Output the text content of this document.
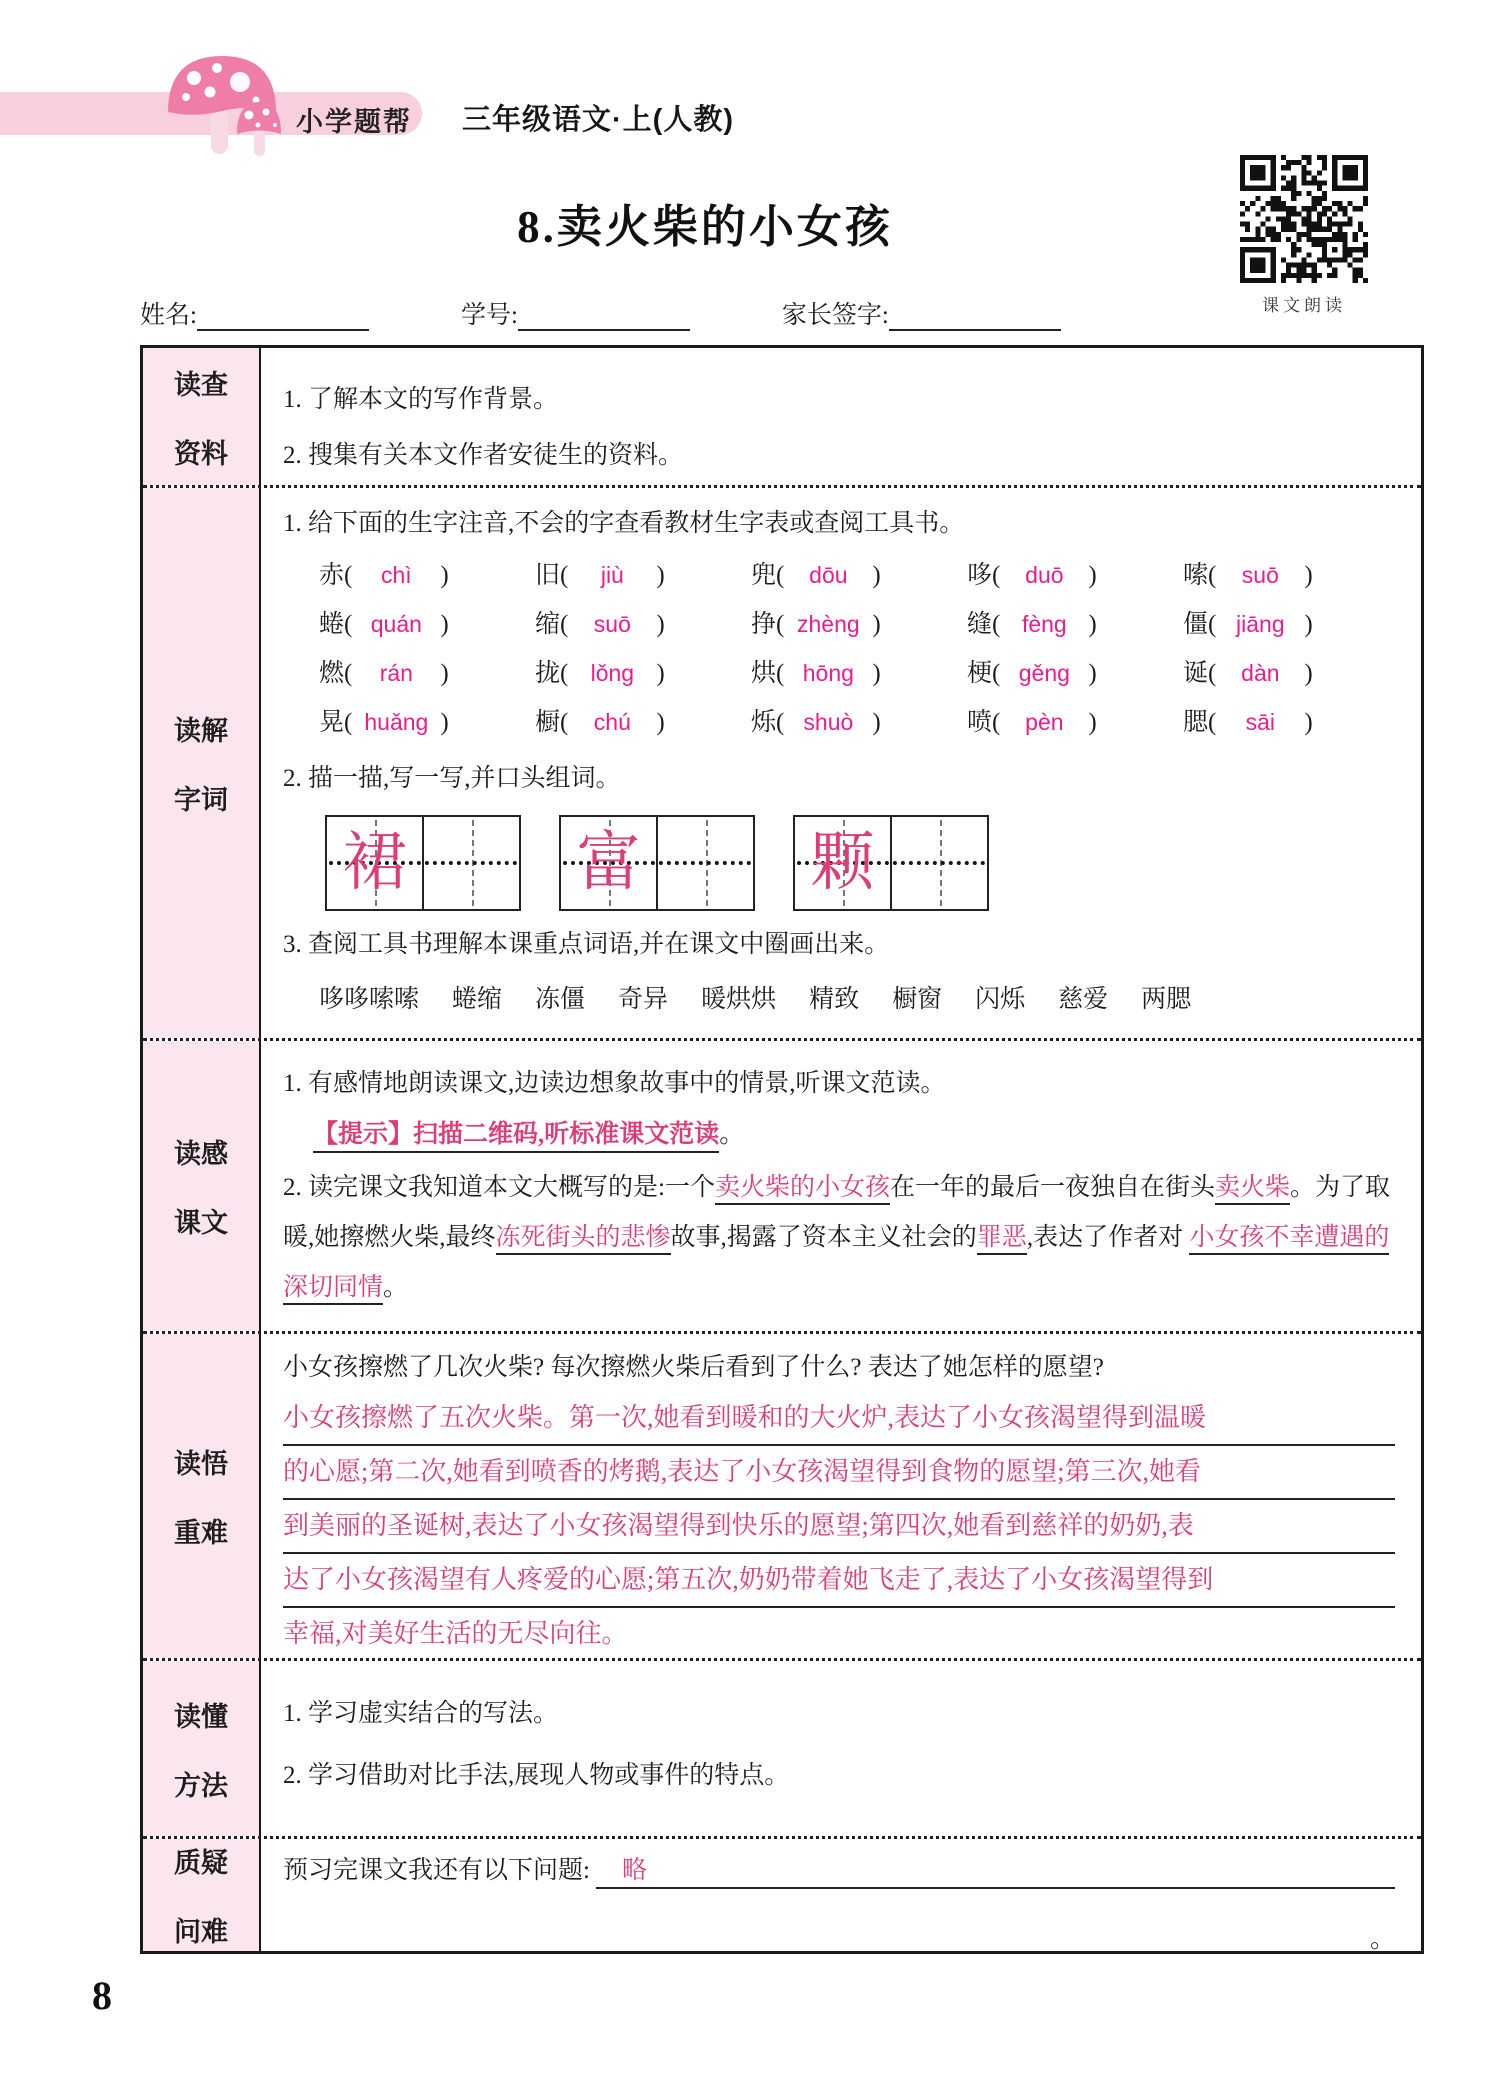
小学题帮 三年级语文·上(人教)
8.卖火柴的小女孩
课文朗读
姓名:	学号:	家长签字:
读查
资料
1. 了解本文的写作背景。
2. 搜集有关本文作者安徒生的资料。
读解
字词
1. 给下面的生字注音,不会的字查看教材生字表或查阅工具书。
赤( chì )	旧( jiù )	兜( dōu )	哆( duō )	嗦( suō )
蜷( quán )	缩( suō )	挣( zhèng )	缝( fèng )	僵( jiāng )
燃( rán )	拢( lǒng )	烘( hōng )	梗( gěng )	诞( dàn )
晃( huǎng )	橱( chú )	烁( shuò )	喷( pèn )	腮( sāi )
2. 描一描,写一写,并口头组词。
裙	富	颗
3. 查阅工具书理解本课重点词语,并在课文中圈画出来。
哆哆嗦嗦 蜷缩 冻僵 奇异 暖烘烘 精致 橱窗 闪烁 慈爱 两腮
读感
课文
1. 有感情地朗读课文,边读边想象故事中的情景,听课文范读。
【提示】扫描二维码,听标准课文范读。
2. 读完课文我知道本文大概写的是:一个卖火柴的小女孩在一年的最后一夜独自在街头卖火柴。为了取暖,她擦燃火柴,最终冻死街头的悲惨故事,揭露了资本主义社会的罪恶,表达了作者对 小女孩不幸遭遇的深切同情。
读悟
重难
小女孩擦燃了几次火柴? 每次擦燃火柴后看到了什么? 表达了她怎样的愿望?
小女孩擦燃了五次火柴。第一次,她看到暖和的大火炉,表达了小女孩渴望得到温暖
的心愿;第二次,她看到喷香的烤鹅,表达了小女孩渴望得到食物的愿望;第三次,她看
到美丽的圣诞树,表达了小女孩渴望得到快乐的愿望;第四次,她看到慈祥的奶奶,表
达了小女孩渴望有人疼爱的心愿;第五次,奶奶带着她飞走了,表达了小女孩渴望得到
幸福,对美好生活的无尽向往。
读懂
方法
1. 学习虚实结合的写法。
2. 学习借助对比手法,展现人物或事件的特点。
质疑
问难
预习完课文我还有以下问题:	略
。
8
